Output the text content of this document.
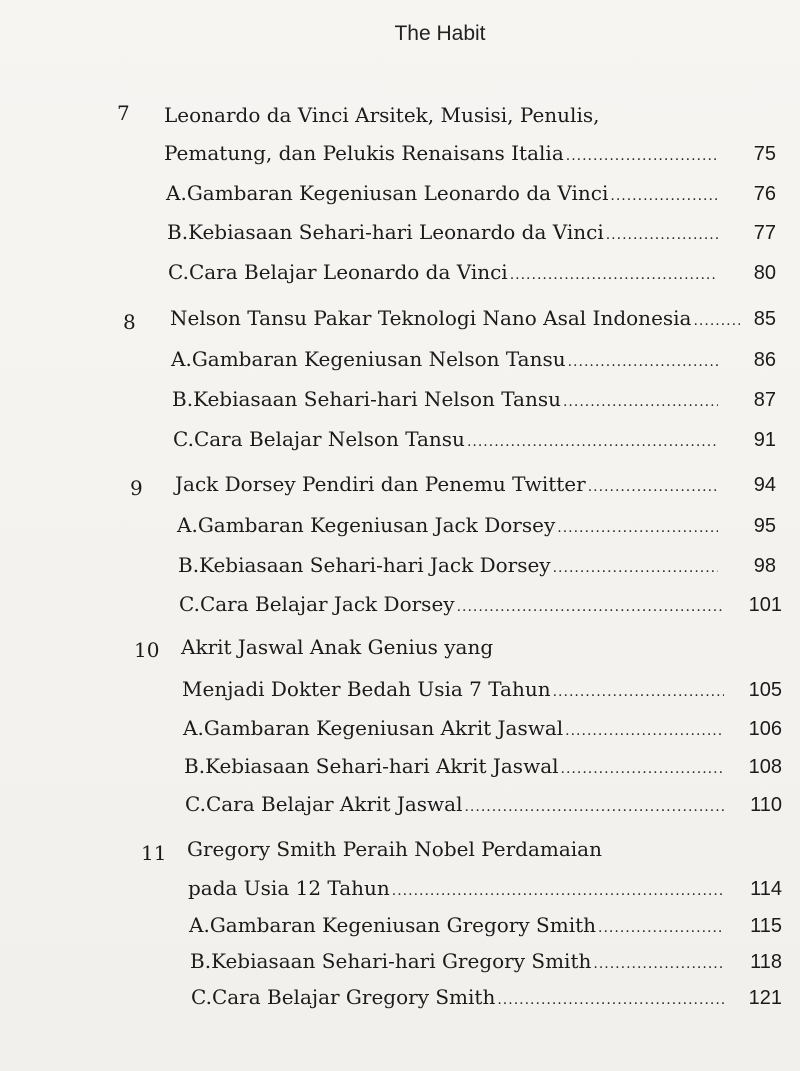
The Habit
7 Leonardo da Vinci Arsitek, Musisi, Penulis,
Pematung, dan Pelukis Renaisans Italia .....	75
A. Gambaran Kegeniusan Leonardo da Vinci .....	76
B. Kebiasaan Sehari-hari Leonardo da Vinci .....	77
C. Cara Belajar Leonardo da Vinci .....	80
8 Nelson Tansu Pakar Teknologi Nano Asal Indonesia .....	85
A. Gambaran Kegeniusan Nelson Tansu .....	86
B. Kebiasaan Sehari-hari Nelson Tansu .....	87
C. Cara Belajar Nelson Tansu .....	91
9 Jack Dorsey Pendiri dan Penemu Twitter .....	94
A. Gambaran Kegeniusan Jack Dorsey .....	95
B. Kebiasaan Sehari-hari Jack Dorsey .....	98
C. Cara Belajar Jack Dorsey .....	101
10 Akrit Jaswal Anak Genius yang
Menjadi Dokter Bedah Usia 7 Tahun .....	105
A. Gambaran Kegeniusan Akrit Jaswal .....	106
B. Kebiasaan Sehari-hari Akrit Jaswal .....	108
C. Cara Belajar Akrit Jaswal .....	110
11 Gregory Smith Peraih Nobel Perdamaian
pada Usia 12 Tahun .....	114
A. Gambaran Kegeniusan Gregory Smith .....	115
B. Kebiasaan Sehari-hari Gregory Smith .....	118
C. Cara Belajar Gregory Smith .....	121
